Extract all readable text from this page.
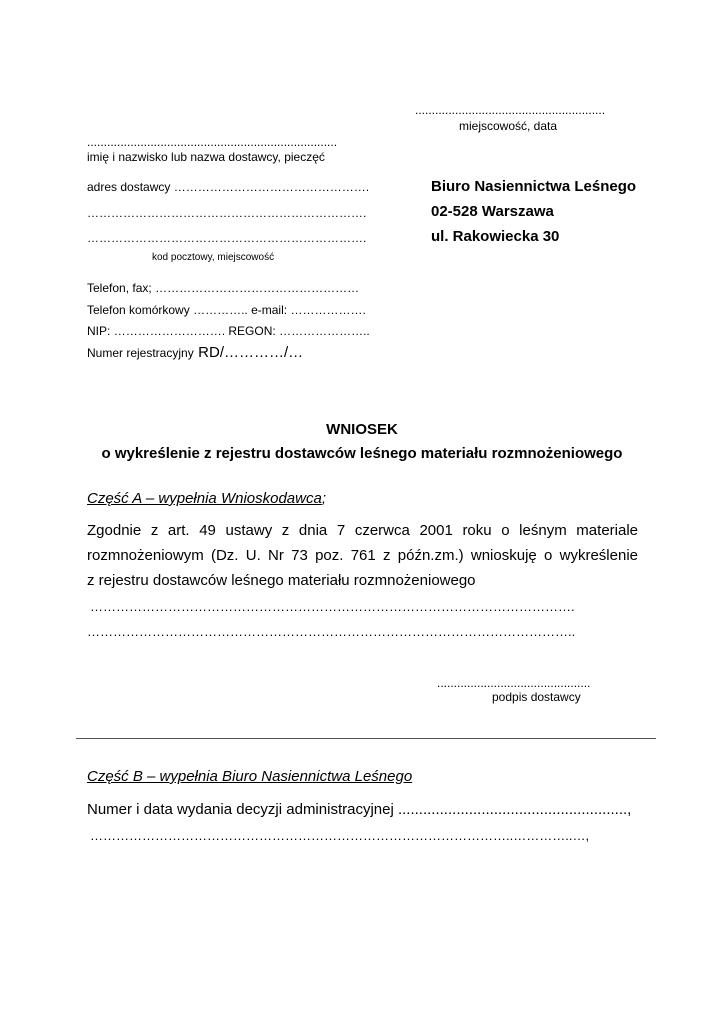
.........................................................
miejscowość, data
...........................................................................
imię i nazwisko lub nazwa dostawcy, pieczęć
adres dostawcy ………………………………………….
…………………………………………………………….
…………………………………………………………….
kod pocztowy, miejscowość
Telefon, fax; ……………………………………………
Telefon komórkowy ………….. e-mail: ……………….
NIP: ………………………. REGON: …………………..
Numer rejestracyjny RD/…………/…
Biuro Nasiennictwa Leśnego
02-528 Warszawa
ul. Rakowiecka 30
WNIOSEK
o wykreślenie z rejestru dostawców leśnego materiału rozmnożeniowego
Część A – wypełnia Wnioskodawca;
Zgodnie z art. 49 ustawy z dnia 7 czerwca 2001 roku o leśnym materiale
rozmnożeniowym (Dz. U. Nr 73 poz. 761 z późn.zm.) wnioskuję o wykreślenie
z rejestru dostawców leśnego materiału rozmnożeniowego
………………………………………………………………………………………………….
…………………………………………………………………………………………………..
..............................................
podpis dostawcy
Część B – wypełnia Biuro Nasiennictwa Leśnego
Numer i data wydania decyzji administracyjnej .......................................................,
……………………………………………………………………………………..…………..…,
